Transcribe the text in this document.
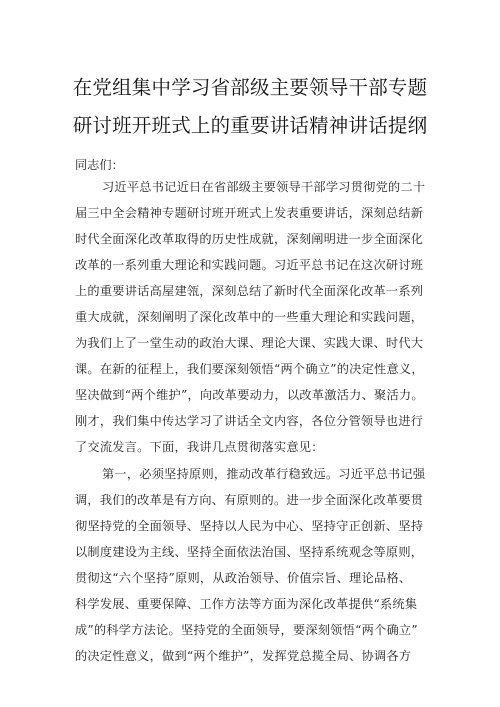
在党组集中学习省部级主要领导干部专题
研讨班开班式上的重要讲话精神讲话提纲
同志们：
习近平总书记近日在省部级主要领导干部学习贯彻党的二十
届三中全会精神专题研讨班开班式上发表重要讲话，深刻总结新
时代全面深化改革取得的历史性成就，深刻阐明进一步全面深化
改革的一系列重大理论和实践问题。习近平总书记在这次研讨班
上的重要讲话高屋建瓴，深刻总结了新时代全面深化改革一系列
重大成就，深刻阐明了深化改革中的一些重大理论和实践问题，
为我们上了一堂生动的政治大课、理论大课、实践大课、时代大
课。在新的征程上，我们要深刻领悟“两个确立”的决定性意义，
坚决做到“两个维护”，向改革要动力，以改革激活力、聚活力。
刚才，我们集中传达学习了讲话全文内容，各位分管领导也进行
了交流发言。下面，我讲几点贯彻落实意见：
第一，必须坚持原则，推动改革行稳致远。习近平总书记强
调，我们的改革是有方向、有原则的。进一步全面深化改革要贯
彻坚持党的全面领导、坚持以人民为中心、坚持守正创新、坚持
以制度建设为主线、坚持全面依法治国、坚持系统观念等原则，
贯彻这“六个坚持”原则，从政治领导、价值宗旨、理论品格、
科学发展、重要保障、工作方法等方面为深化改革提供“系统集
成”的科学方法论。坚持党的全面领导，要深刻领悟“两个确立”
的决定性意义，做到“两个维护”，发挥党总揽全局、协调各方
